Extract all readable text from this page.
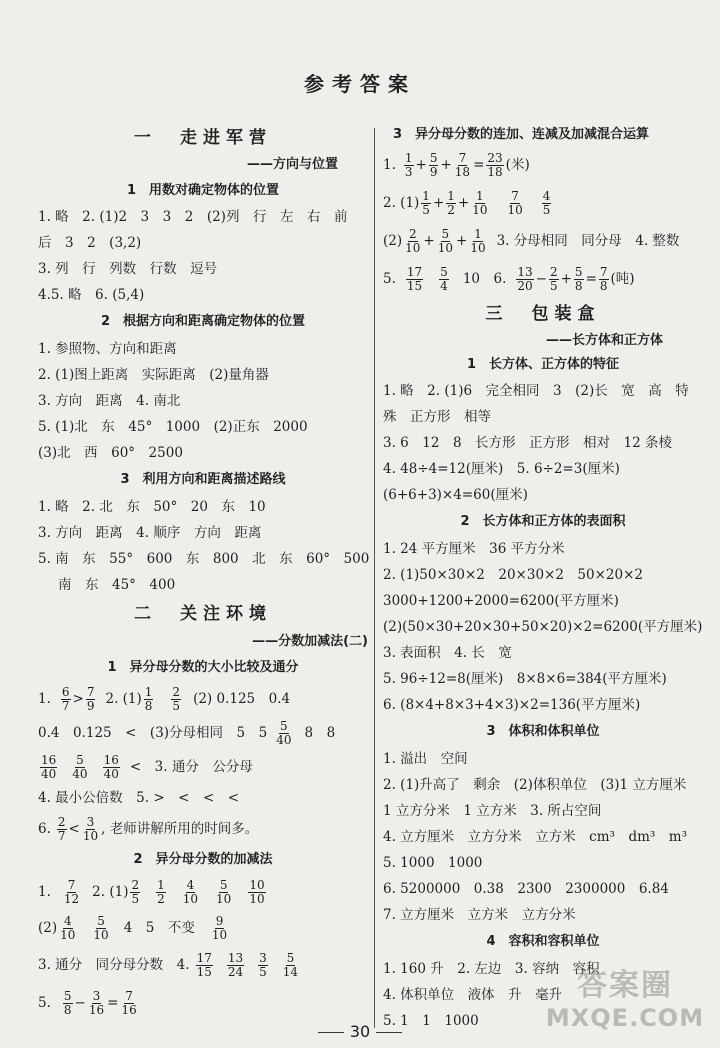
参考答案
一　走进军营
——方向与位置
1　用数对确定物体的位置
1. 略　2. (1)2　3　3　2　(2)列　行　左　右　前
后　3　2　(3,2)
3. 列　行　列数　行数　逗号
4.5. 略　6. (5,4)
2　根据方向和距离确定物体的位置
1. 参照物、方向和距离
2. (1)图上距离　实际距离　(2)量角器
3. 方向　距离　4. 南北
5. (1)北　东　45°　1000　(2)正东　2000
(3)北　西　60°　2500
3　利用方向和距离描述路线
1. 略　2. 北　东　50°　20　东　10
3. 方向　距离　4. 顺序　方向　距离
5. 南　东　55°　600　东　800　北　东　60°　500
南　东　45°　400
二　关注环境
——分数加减法(二)
1　异分母分数的大小比较及通分
1. $\frac{6}{7} > \frac{7}{9} 2$. $(1) \frac{1}{8} \frac{2}{5} (2)$ 0.125　0.4
0.4　0.125　<　(3)分母相同　5　$5 \frac{5}{40} 8$　8
$\frac{16}{40} \frac{5}{40} \frac{16}{40}$ <　3. 通分　公分母
4. 最小公倍数　5. >　<　<　<
6. $\frac{2}{7} < \frac{3}{10}$ , 老师讲解所用的时间多。
2　异分母分数的加减法
1. $\frac{7}{12} 2$. $(1) \frac{2}{5} \frac{1}{2} \frac{4}{10} \frac{5}{10} \frac{10}{10}$
$(2) \frac{4}{10} \frac{5}{10} 4$　5　不变 $\frac{9}{10}$
3. 通分　同分母分数　4. $\frac{17}{15} \frac{13}{24} \frac{3}{5} \frac{5}{14}$
5. $\frac{5}{8} - \frac{3}{16} = \frac{7}{16}$
3　异分母分数的连加、连减及加减混合运算
1. $\frac{1}{3} + \frac{5}{9} + \frac{7}{18} = \frac{23}{18}$ (米)
2. $(1) \frac{1}{5} + \frac{1}{2} + \frac{1}{10} \frac{7}{10} \frac{4}{5}$
$(2) \frac{2}{10} + \frac{5}{10} + \frac{1}{10} 3$. 分母相同　同分母　4. 整数
5. $\frac{17}{15} \frac{5}{4} 10$　6. $\frac{13}{20} - \frac{2}{5} + \frac{5}{8} = \frac{7}{8}$ (吨)
三　包装盒
——长方体和正方体
1　长方体、正方体的特征
1. 略　2. (1)6　完全相同　3　(2)长　宽　高　特
殊　正方形　相等
3. 6　12　8　长方形　正方形　相对　12 条棱
4. 48÷4=12(厘米)　5. 6÷2=3(厘米)
(6+6+3)×4=60(厘米)
2　长方体和正方体的表面积
1. 24 平方厘米　36 平方分米
2. (1)50×30×2　20×30×2　50×20×2
3000+1200+2000=6200(平方厘米)
(2)(50×30+20×30+50×20)×2=6200(平方厘米)
3. 表面积　4. 长　宽
5. 96÷12=8(厘米)　8×8×6=384(平方厘米)
6. (8×4+8×3+4×3)×2=136(平方厘米)
3　体积和体积单位
1. 溢出　空间
2. (1)升高了　剩余　(2)体积单位　(3)1 立方厘米
1 立方分米　1 立方米　3. 所占空间
4. 立方厘米　立方分米　立方米　cm³　dm³　m³
5. 1000　1000
6. 5200000　0.38　2300　2300000　6.84
7. 立方厘米　立方米　立方分米
4　容积和容积单位
1. 160 升　2. 左边　3. 容纳　容积
4. 体积单位　液体　升　毫升
5. 1　1　1000
答案圈
MXQE.COM
30
